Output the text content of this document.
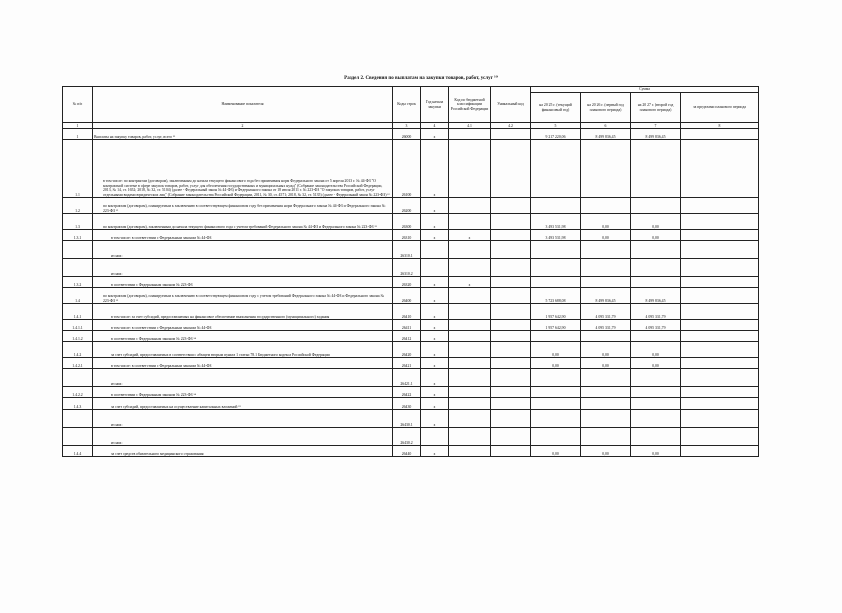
Раздел 2. Сведения по выплатам на закупки товаров, работ, услуг ¹⁰
№ п/п	Наименование показателя	Коды строк	Год начала закупки	Код по бюджетной классификации Российской Федерации	Уникальный код	Сумма			
						на 20 25 г. (текущий финансовый год)	на 20 26 г. (первый год планового периода)	на 20 27 г. (второй год планового периода)	за пределами планового периода
1	2	3	4	4.1	4.2	5	6	7	8
1	Выплаты на закупку товаров, работ, услуг, всего ¹¹	26000	x			9 217 220,06	8 499 836,45	8 499 836,45	
1.1	в том числе: по контрактам (договорам), заключенным до начала текущего финансового года без применения норм Федерального закона от 5 апреля 2013 г. № 44-ФЗ "О контрактной системе в сфере закупок товаров, работ, услуг для обеспечения государственных и муниципальных нужд" (Собрание законодательства Российской Федерации, 2013, № 14, ст. 1652; 2018, № 32, ст. 5104) (далее - Федеральный закон № 44-ФЗ) и Федерального закона от 18 июля 2011 г. № 223-ФЗ "О закупках товаров, работ, услуг отдельными видами юридических лиц" (Собрание законодательства Российской Федерации, 2011, № 30, ст. 4571; 2018, № 32, ст. 5135) (далее - Федеральный закон № 223-ФЗ) ¹²	26100	x						
1.2	по контрактам (договорам), планируемым к заключению в соответствующем финансовом году без применения норм Федерального закона № 44-ФЗ и Федерального закона № 223-ФЗ ¹²	26200	x						
1.3	по контрактам (договорам), заключенным до начала текущего финансового года с учетом требований Федерального закона № 44-ФЗ и Федерального закона № 223-ФЗ ¹³	26300	x			3 493 531,98	0,00	0,00	
1.3.1	в том числе: в соответствии с Федеральным законом № 44-ФЗ	26310	x	x		3 493 531,98	0,00	0,00	
	из них:	26310.1							
	из них:	26310.2							
1.3.2	в соответствии с Федеральным законом № 223-ФЗ	26320	x	x					
1.4	по контрактам (договорам), планируемым к заключению в соответствующем финансовом году с учетом требований Федерального закона № 44-ФЗ и Федерального закона № 223-ФЗ ¹³	26400	x			5 723 688,08	8 499 836,45	8 499 836,45	
1.4.1	в том числе: за счет субсидий, предоставляемых на финансовое обеспечение выполнения государственного (муниципального) задания	26410	x			1 957 642,90	4 095 331,79	4 095 331,79	
1.4.1.1	в том числе: в соответствии с Федеральным законом № 44-ФЗ	26411	x			1 957 642,90	4 095 331,79	4 095 331,79	
1.4.1.2	в соответствии с Федеральным законом № 223-ФЗ ¹⁴	26412	x						
1.4.2	за счет субсидий, предоставляемых в соответствии с абзацем вторым пункта 1 статьи 78.1 Бюджетного кодекса Российской Федерации	26420	x			0,00	0,00	0,00	
1.4.2.1	в том числе: в соответствии с Федеральным законом № 44-ФЗ	26421	x			0,00	0,00	0,00	
	из них:	26421.1	x						
1.4.2.2	в соответствии с Федеральным законом № 223-ФЗ ¹⁴	26422	x						
1.4.3	за счет субсидий, предоставляемых на осуществление капитальных вложений ¹⁵	26430	x						
	из них:	26430.1	x						
	из них:	26430.2							
1.4.4	за счет средств обязательного медицинского страхования	26440	x			0,00	0,00	0,00	
